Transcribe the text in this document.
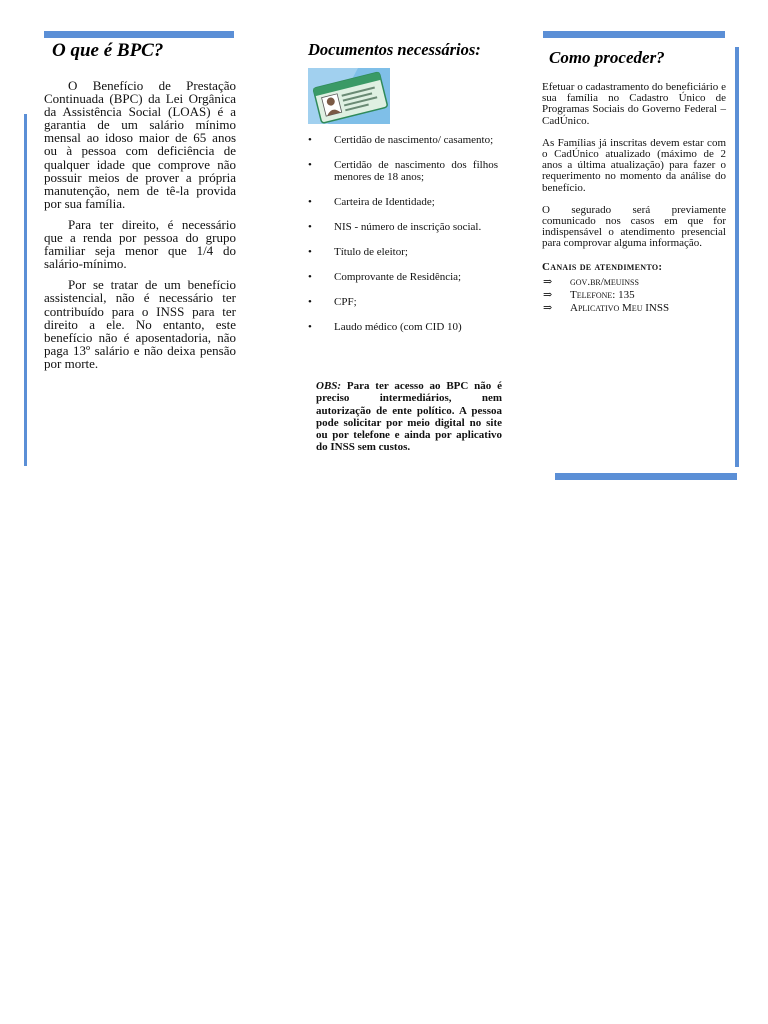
O que é BPC?

O Benefício de Prestação Continuada (BPC) da Lei Orgânica da Assistência Social (LOAS) é a garantia de um salário mínimo mensal ao idoso maior de 65 anos ou à pessoa com deficiência de qualquer idade que comprove não possuir meios de prover a própria manutenção, nem de tê-la provida por sua família.

Para ter direito, é necessário que a renda por pessoa do grupo familiar seja menor que 1/4 do salário-mínimo.

Por se tratar de um benefício assistencial, não é necessário ter contribuído para o INSS para ter direito a ele. No entanto, este benefício não é aposentadoria, não paga 13º salário e não deixa pensão por morte.

Documentos necessários:
• Certidão de nascimento/ casamento;
• Certidão de nascimento dos filhos menores de 18 anos;
• Carteira de Identidade;
• NIS - número de inscrição social.
• Título de eleitor;
• Comprovante de Residência;
• CPF;
• Laudo médico (com CID 10)
OBS: Para ter acesso ao BPC não é preciso intermediários, nem autorização de ente político. A pessoa pode solicitar por meio digital no site ou por telefone e ainda por aplicativo do INSS sem custos.
Como proceder?

Efetuar o cadastramento do beneficiário e sua família no Cadastro Único de Programas Sociais do Governo Federal – CadÚnico.

As Famílias já inscritas devem estar com o CadÚnico atualizado (máximo de 2 anos a última atualização) para fazer o requerimento no momento da análise do benefício.

O segurado será previamente comunicado nos casos em que for indispensável o atendimento presencial para comprovar alguma informação.

Canais de atendimento:

⇒ gov.br/meuinss
⇒ Telefone: 135
⇒ Aplicativo Meu INSS
